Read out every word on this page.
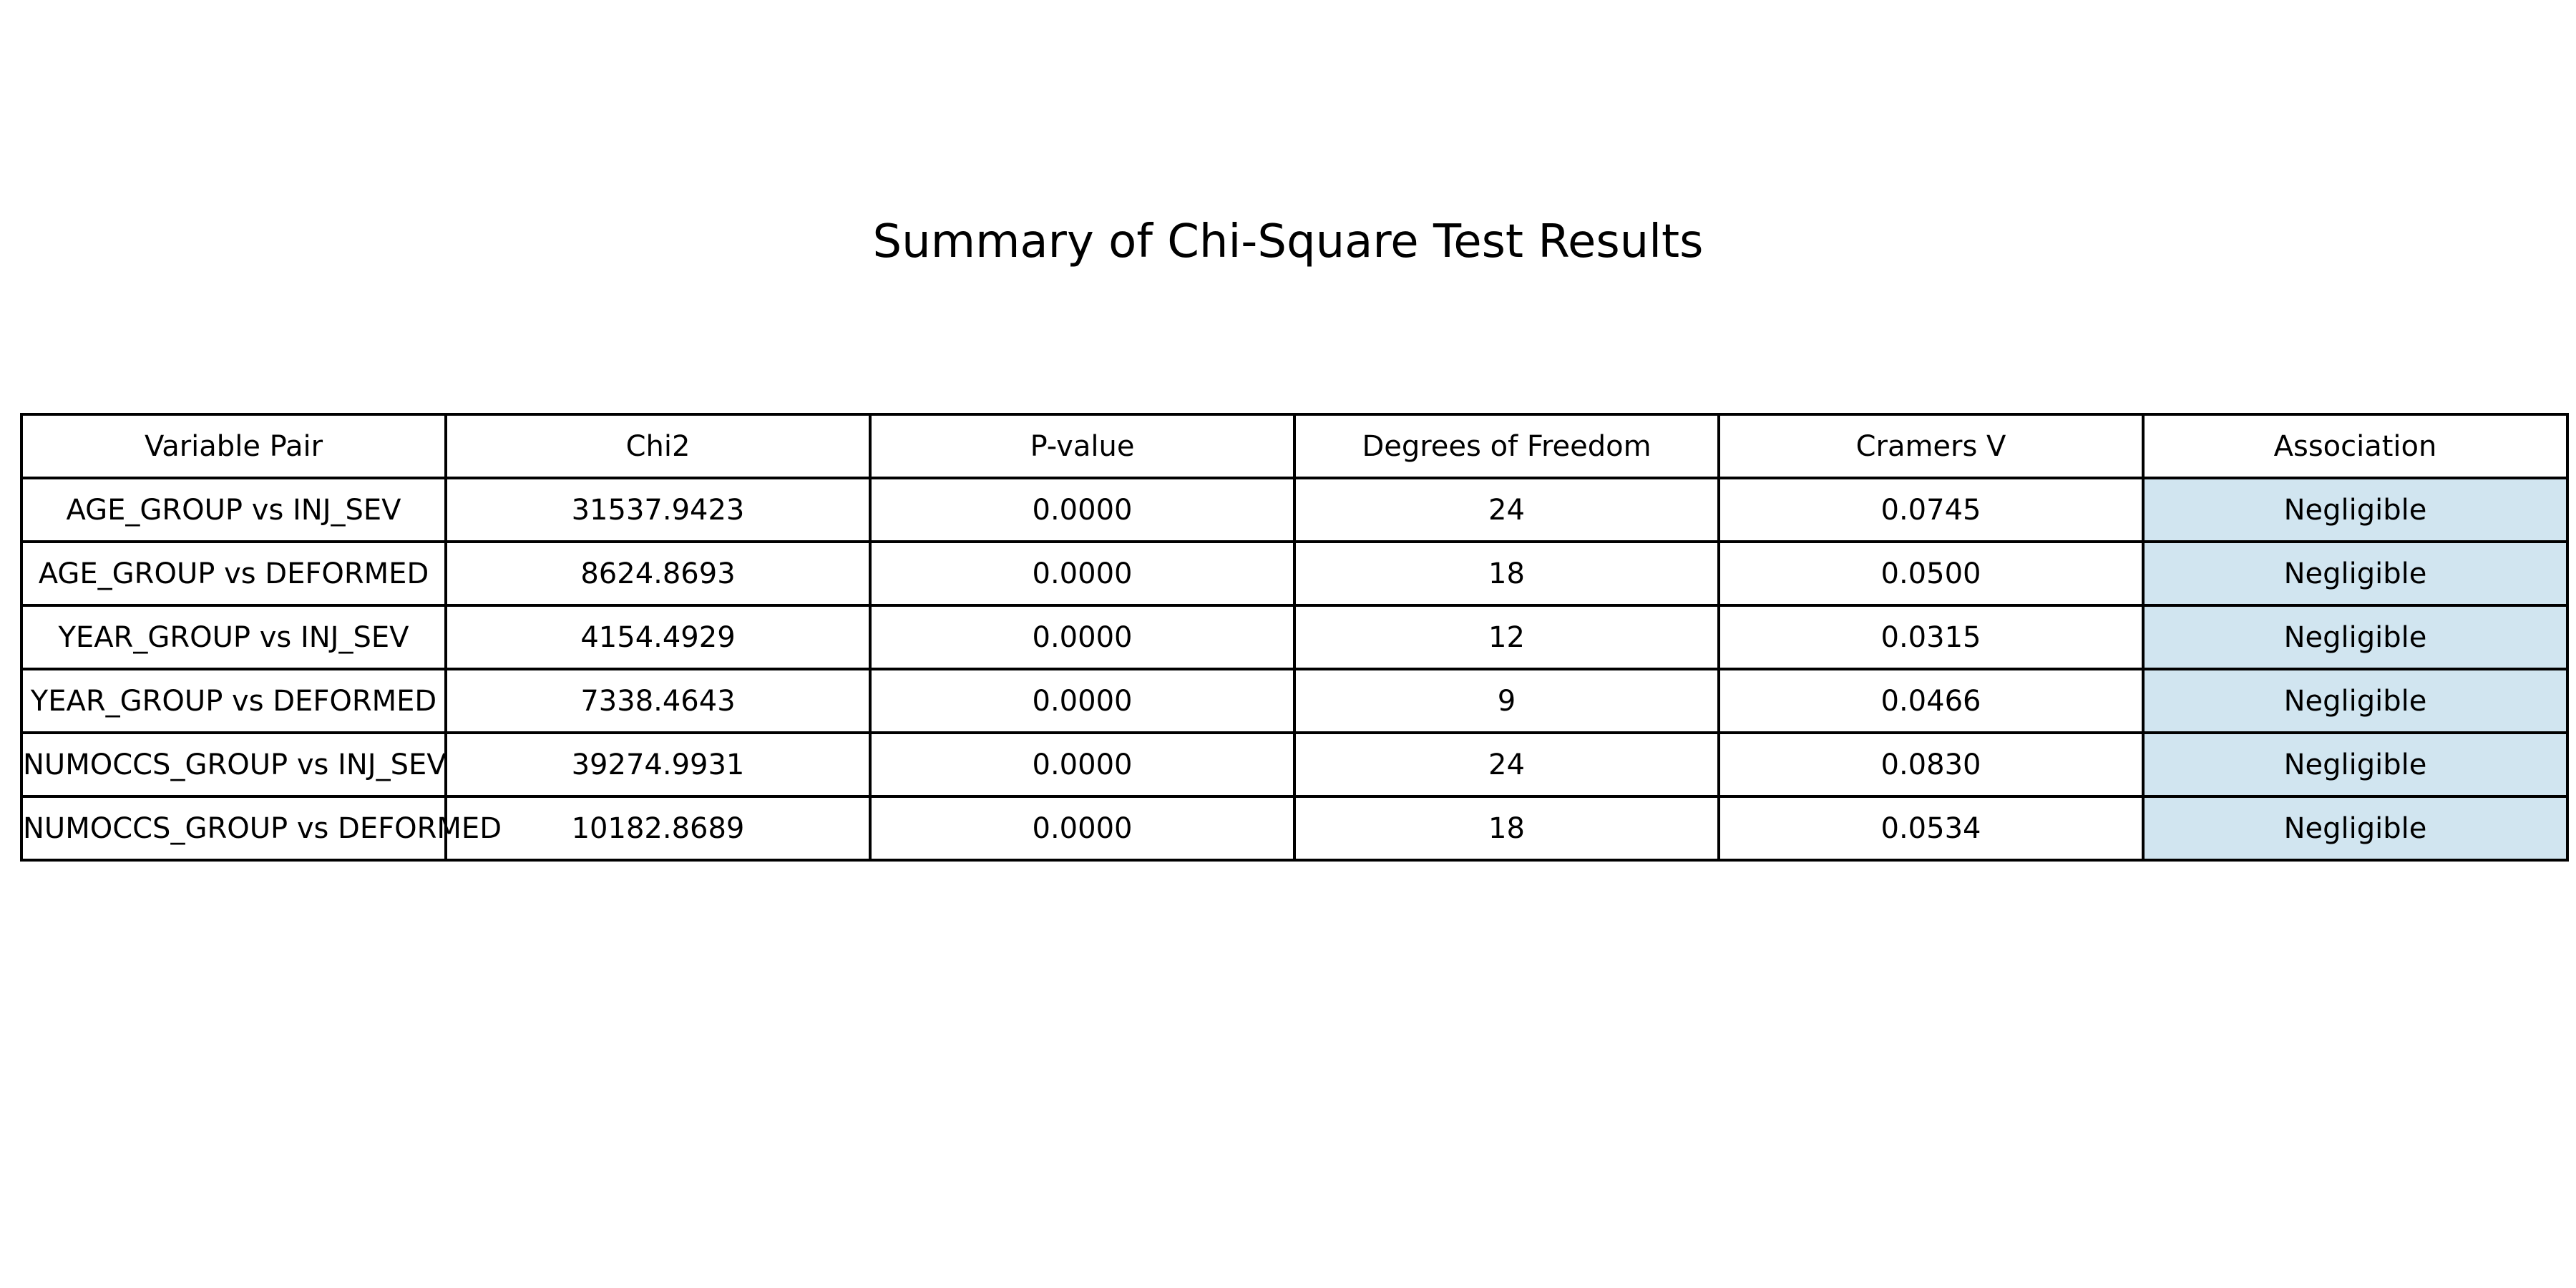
Summary of Chi-Square Test Results
Variable Pair	Chi2	P-value	Degrees of Freedom	Cramers V	Association

AGE_GROUP vs INJ_SEV	31537.9423	0.0000	24	0.0745	Negligible

AGE_GROUP vs DEFORMED	8624.8693	0.0000	18	0.0500	Negligible

YEAR_GROUP vs INJ_SEV	4154.4929	0.0000	12	0.0315	Negligible

YEAR_GROUP vs DEFORMED	7338.4643	0.0000	9	0.0466	Negligible

NUMOCCS_GROUP vs INJ_SEV	39274.9931	0.0000	24	0.0830	Negligible

NUMOCCS_GROUP vs DEFORMED	10182.8689	0.0000	18	0.0534	Negligible
